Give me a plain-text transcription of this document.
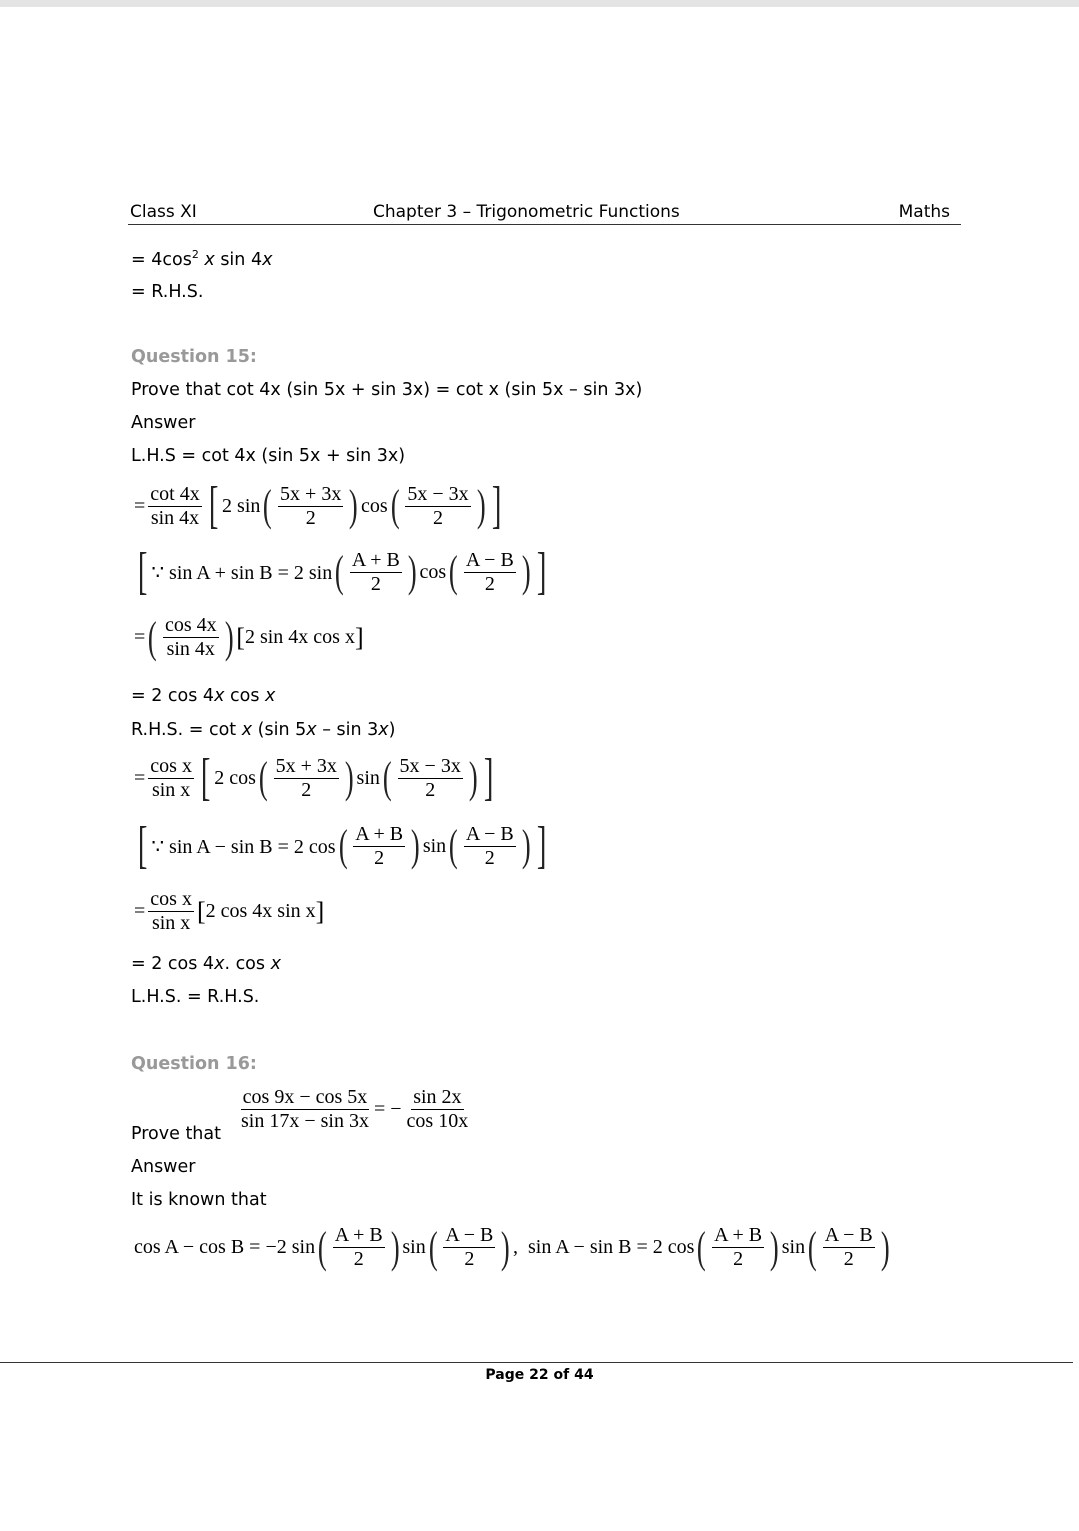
Class XI	Chapter 3 – Trigonometric Functions	Maths
= $4\cos^2$ x sin 4x
= R.H.S.
Question 15:
Prove that cot 4x (sin 5x + sin 3x) = cot x (sin 5x – sin 3x)
Answer
L.H.S = cot 4x (sin 5x + sin 3x)
= $\frac{\cot 4x}{\sin 4x}$ [ 2 sin ( $\frac{5x + 3x}{2}$ ) cos ( $\frac{5x - 3x}{2}$ ) ]
[ ∵ sin A + sin B = 2 sin ( $\frac{A + B}{2}$ ) cos ( $\frac{A - B}{2}$ ) ]
= ( $\frac{\cos 4x}{\sin 4x}$ ) [ 2 sin 4x cos x ]
= 2 cos 4x cos x
R.H.S. = cot x (sin 5x – sin 3x)
= $\frac{\text{cos x}}{\text{sin x}}$ [ 2 cos ( $\frac{5x + 3x}{2}$ ) sin ( $\frac{5x - 3x}{2}$ ) ]
[ ∵ sin A − sin B = 2 cos ( $\frac{A + B}{2}$ ) sin ( $\frac{A - B}{2}$ ) ]
= $\frac{\text{cos x}}{\text{sin x}}$ [ 2 cos 4x sin x ]
= 2 cos 4x. cos x
L.H.S. = R.H.S.
Question 16:
Prove that
$\frac{\cos 9x - \cos 5x}{\sin 17x - \sin 3x}$ = − $\frac{\sin 2x}{\cos 10x}$
Answer
It is known that
cos A − cos B = −2 sin ( $\frac{A + B}{2}$ ) sin ( $\frac{A - B}{2}$ ) , sin A − sin B = 2 cos ( $\frac{A + B}{2}$ ) sin ( $\frac{A - B}{2}$ )
Page 22 of 44
